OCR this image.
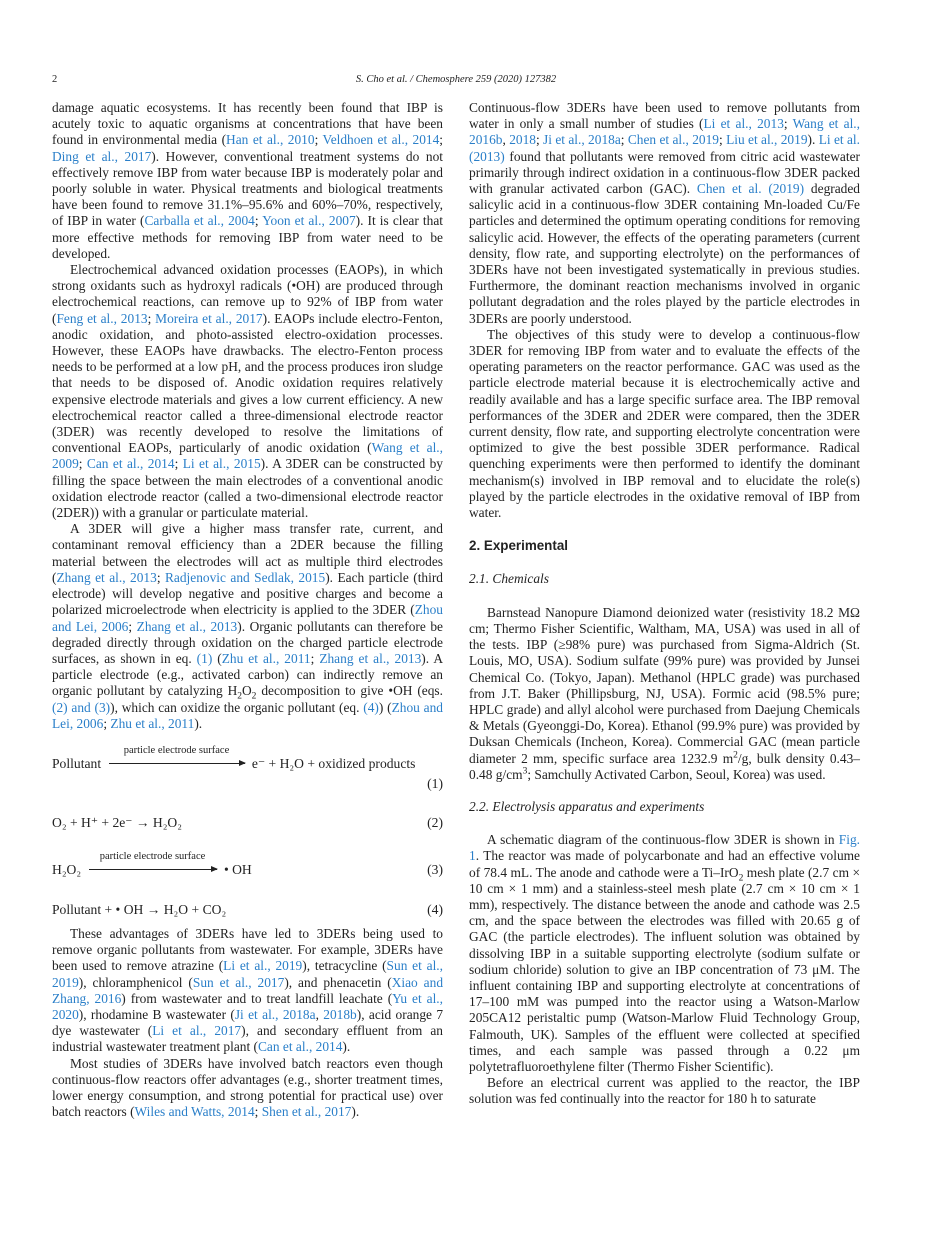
2	S. Cho et al. / Chemosphere 259 (2020) 127382

damage aquatic ecosystems. It has recently been found that IBP is acutely toxic to aquatic organisms at concentrations that have been found in environmental media (Han et al., 2010; Veldhoen et al., 2014; Ding et al., 2017). However, conventional treatment systems do not effectively remove IBP from water because IBP is moderately polar and poorly soluble in water. Physical treatments and biological treatments have been found to remove 31.1%–95.6% and 60%–70%, respectively, of IBP in water (Carballa et al., 2004; Yoon et al., 2007). It is clear that more effective methods for removing IBP from water need to be developed.

Electrochemical advanced oxidation processes (EAOPs), in which strong oxidants such as hydroxyl radicals (•OH) are produced through electrochemical reactions, can remove up to 92% of IBP from water (Feng et al., 2013; Moreira et al., 2017). EAOPs include electro-Fenton, anodic oxidation, and photo-assisted electro-oxidation processes. However, these EAOPs have drawbacks. The electro-Fenton process needs to be performed at a low pH, and the process produces iron sludge that needs to be disposed of. Anodic oxidation requires relatively expensive electrode materials and gives a low current efficiency. A new electrochemical reactor called a three-dimensional electrode reactor (3DER) was recently developed to resolve the limitations of conventional EAOPs, particularly of anodic oxidation (Wang et al., 2009; Can et al., 2014; Li et al., 2015). A 3DER can be constructed by filling the space between the main electrodes of a conventional anodic oxidation electrode reactor (called a two-dimensional electrode reactor (2DER)) with a granular or particulate material.

A 3DER will give a higher mass transfer rate, current, and contaminant removal efficiency than a 2DER because the filling material between the electrodes will act as multiple third electrodes (Zhang et al., 2013; Radjenovic and Sedlak, 2015). Each particle (third electrode) will develop negative and positive charges and become a polarized microelectrode when electricity is applied to the 3DER (Zhou and Lei, 2006; Zhang et al., 2013). Organic pollutants can therefore be degraded directly through oxidation on the charged particle electrode surfaces, as shown in eq. (1) (Zhu et al., 2011; Zhang et al., 2013). A particle electrode (e.g., activated carbon) can indirectly remove an organic pollutant by catalyzing $H_2O_2$ decomposition to give •OH (eqs. (2) and (3)), which can oxidize the organic pollutant (eq. (4)) (Zhou and Lei, 2006; Zhu et al., 2011).

Pollutant
particle electrode surface
e⁻ + H₂O + oxidized products
(1)
O₂ + H⁺ + 2e⁻ → H₂O₂	(2)
H₂O₂
particle electrode surface
• OH	(3)
Pollutant + • OH → H₂O + CO₂	(4)

These advantages of 3DERs have led to 3DERs being used to remove organic pollutants from wastewater. For example, 3DERs have been used to remove atrazine (Li et al., 2019), tetracycline (Sun et al., 2019), chloramphenicol (Sun et al., 2017), and phenacetin (Xiao and Zhang, 2016) from wastewater and to treat landfill leachate (Yu et al., 2020), rhodamine B wastewater (Ji et al., 2018a, 2018b), acid orange 7 dye wastewater (Li et al., 2017), and secondary effluent from an industrial wastewater treatment plant (Can et al., 2014).

Most studies of 3DERs have involved batch reactors even though continuous-flow reactors offer advantages (e.g., shorter treatment times, lower energy consumption, and strong potential for practical use) over batch reactors (Wiles and Watts, 2014; Shen et al., 2017).

Continuous-flow 3DERs have been used to remove pollutants from water in only a small number of studies (Li et al., 2013; Wang et al., 2016b, 2018; Ji et al., 2018a; Chen et al., 2019; Liu et al., 2019). Li et al. (2013) found that pollutants were removed from citric acid wastewater primarily through indirect oxidation in a continuous-flow 3DER packed with granular activated carbon (GAC). Chen et al. (2019) degraded salicylic acid in a continuous-flow 3DER containing Mn-loaded Cu/Fe particles and determined the optimum operating conditions for removing salicylic acid. However, the effects of the operating parameters (current density, flow rate, and supporting electrolyte) on the performances of 3DERs have not been investigated systematically in previous studies. Furthermore, the dominant reaction mechanisms involved in organic pollutant degradation and the roles played by the particle electrodes in 3DERs are poorly understood.

The objectives of this study were to develop a continuous-flow 3DER for removing IBP from water and to evaluate the effects of the operating parameters on the reactor performance. GAC was used as the particle electrode material because it is electrochemically active and readily available and has a large specific surface area. The IBP removal performances of the 3DER and 2DER were compared, then the 3DER current density, flow rate, and supporting electrolyte concentration were optimized to give the best possible 3DER performance. Radical quenching experiments were then performed to identify the dominant mechanism(s) involved in IBP removal and to elucidate the role(s) played by the particle electrodes in the oxidative removal of IBP from water.

2. Experimental

2.1. Chemicals

Barnstead Nanopure Diamond deionized water (resistivity 18.2 MΩ cm; Thermo Fisher Scientific, Waltham, MA, USA) was used in all of the tests. IBP (≥98% pure) was purchased from Sigma-Aldrich (St. Louis, MO, USA). Sodium sulfate (99% pure) was provided by Junsei Chemical Co. (Tokyo, Japan). Methanol (HPLC grade) was purchased from J.T. Baker (Phillipsburg, NJ, USA). Formic acid (98.5% pure; HPLC grade) and allyl alcohol were purchased from Daejung Chemicals & Metals (Gyeonggi-Do, Korea). Ethanol (99.9% pure) was provided by Duksan Chemicals (Incheon, Korea). Commercial GAC (mean particle diameter 2 mm, specific surface area 1232.9 $m^2/g$, bulk density 0.43–0.48 $g/cm^3$; Samchully Activated Carbon, Seoul, Korea) was used.

2.2. Electrolysis apparatus and experiments

A schematic diagram of the continuous-flow 3DER is shown in Fig. 1. The reactor was made of polycarbonate and had an effective volume of 78.4 mL. The anode and cathode were a Ti–IrO$_2$ mesh plate (2.7 cm × 10 cm × 1 mm) and a stainless-steel mesh plate (2.7 cm × 10 cm × 1 mm), respectively. The distance between the anode and cathode was 2.5 cm, and the space between the electrodes was filled with 20.65 g of GAC (the particle electrodes). The influent solution was obtained by dissolving IBP in a suitable supporting electrolyte (sodium sulfate or sodium chloride) solution to give an IBP concentration of 73 μM. The influent containing IBP and supporting electrolyte at concentrations of 17–100 mM was pumped into the reactor using a Watson-Marlow 205CA12 peristaltic pump (Watson-Marlow Fluid Technology Group, Falmouth, UK). Samples of the effluent were collected at specified times, and each sample was passed through a 0.22 μm polytetrafluoroethylene filter (Thermo Fisher Scientific).

Before an electrical current was applied to the reactor, the IBP solution was fed continually into the reactor for 180 h to saturate
